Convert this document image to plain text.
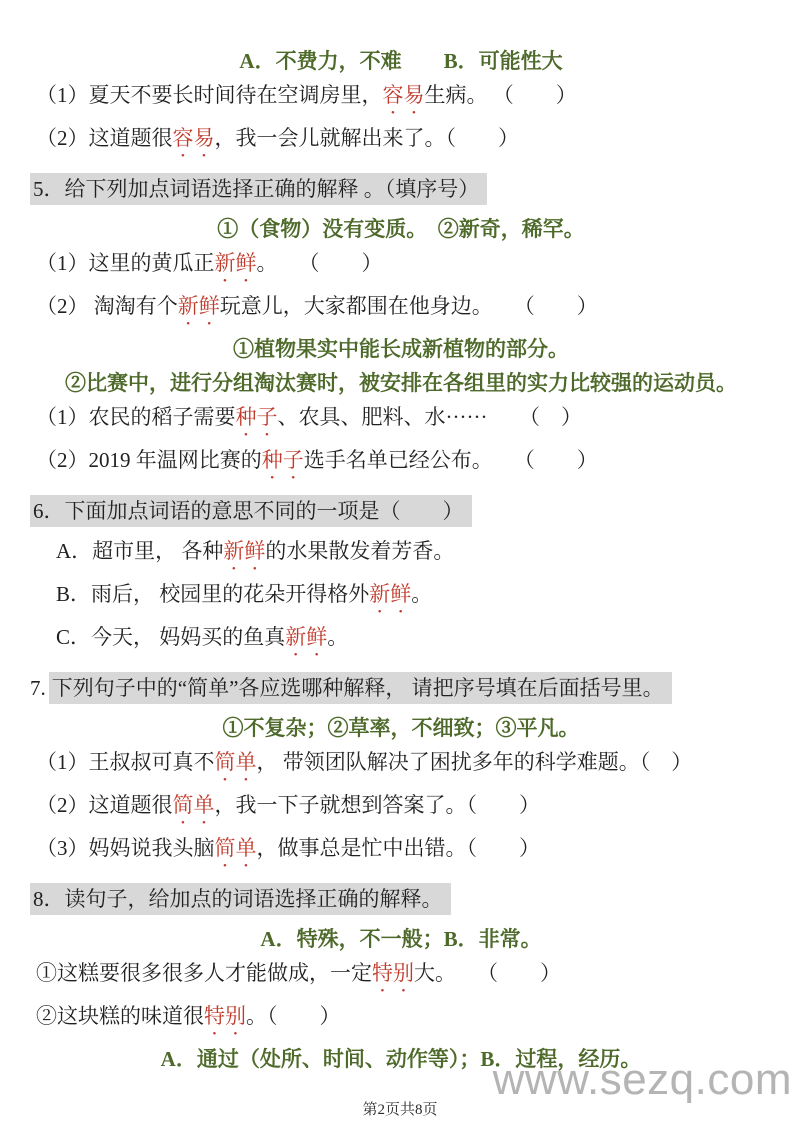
A．不费力，不难　　B．可能性大
（1）夏天不要长时间待在空调房里，容易生病。 （　　）
（2）这道题很容易，我一会儿就解出来了。（　　）
5．给下列加点词语选择正确的解释 。（填序号）
①（食物）没有变质。　②新奇，稀罕。
（1）这里的黄瓜正新鲜。　　（　　）
（2） 淘淘有个新鲜玩意儿，大家都围在他身边。　　（　　）
①植物果实中能长成新植物的部分。
②比赛中，进行分组淘汰赛时，被安排在各组里的实力比较强的运动员。
（1）农民的稻子需要种子、农具、肥料、水······　　（　）
（2）2019 年温网比赛的种子选手名单已经公布。　　（　　）
6．下面加点词语的意思不同的一项是（　　）
A．超市里， 各种新鲜的水果散发着芳香。
B．雨后， 校园里的花朵开得格外新鲜。
C．今天， 妈妈买的鱼真新鲜。
7. 下列句子中的“简单”各应选哪种解释， 请把序号填在后面括号里。
①不复杂；②草率，不细致；③平凡。
（1）王叔叔可真不简单， 带领团队解决了困扰多年的科学难题。（　）
（2）这道题很简单，我一下子就想到答案了。（　　）
（3）妈妈说我头脑简单，做事总是忙中出错。（　　）
8．读句子，给加点的词语选择正确的解释。
A．特殊，不一般；B．非常。
①这糕要很多很多人才能做成，一定特别大。　　（　　）
②这块糕的味道很特别。（　　）
A．通过（处所、时间、动作等）；B．过程，经历。
www.sezq.com
第2页共8页
